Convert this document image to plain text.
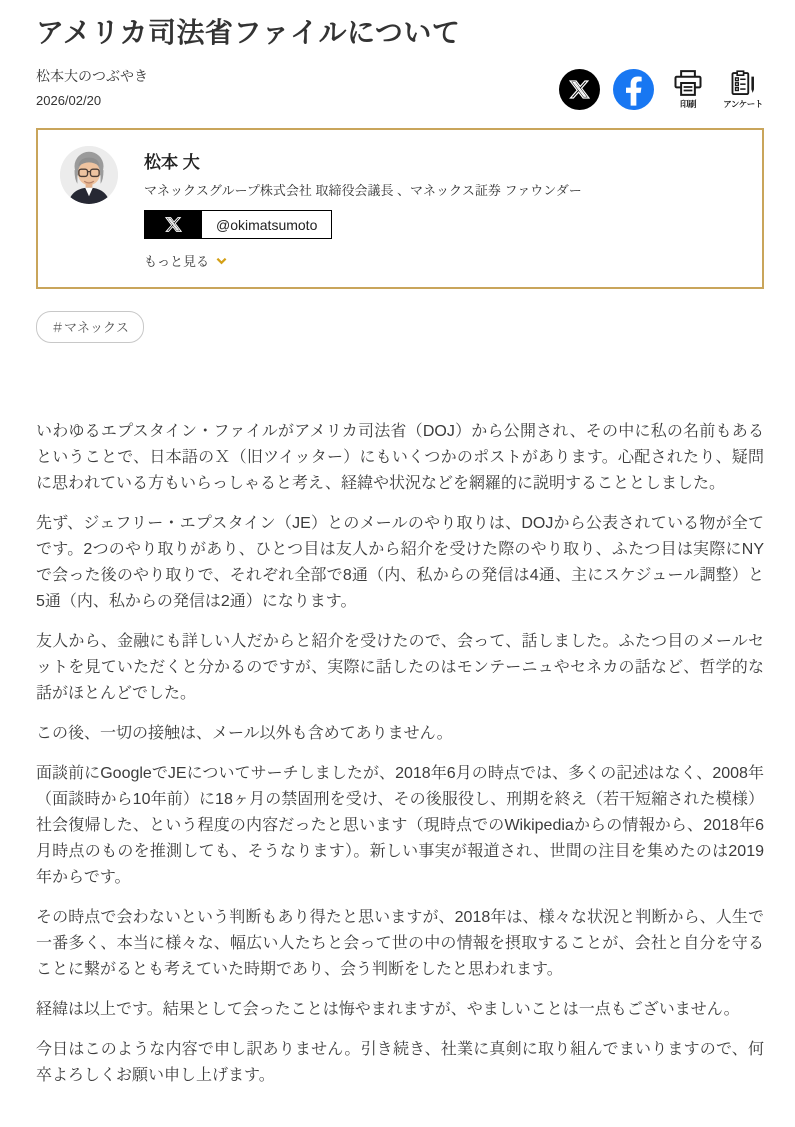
アメリカ司法省ファイルについて
松本大のつぶやき
2026/02/20	印刷	アンケート
松本 大
マネックスグループ株式会社 取締役会議長 、マネックス証券 ファウンダー
@okimatsumoto
もっと見る
＃マネックス

いわゆるエプスタイン・ファイルがアメリカ司法省（DOJ）から公開され、その中に私の名前もあるということで、日本語のＸ（旧ツイッター）にもいくつかのポストがあります。心配されたり、疑問に思われている方もいらっしゃると考え、経緯や状況などを網羅的に説明することとしました。

先ず、ジェフリー・エプスタイン（JE）とのメールのやり取りは、DOJから公表されている物が全てです。2つのやり取りがあり、ひとつ目は友人から紹介を受けた際のやり取り、ふたつ目は実際にNYで会った後のやり取りで、それぞれ全部で8通（内、私からの発信は4通、主にスケジュール調整）と5通（内、私からの発信は2通）になります。

友人から、金融にも詳しい人だからと紹介を受けたので、会って、話しました。ふたつ目のメールセットを見ていただくと分かるのですが、実際に話したのはモンテーニュやセネカの話など、哲学的な話がほとんどでした。

この後、一切の接触は、メール以外も含めてありません。

面談前にGoogleでJEについてサーチしましたが、2018年6月の時点では、多くの記述はなく、2008年（面談時から10年前）に18ヶ月の禁固刑を受け、その後服役し、刑期を終え（若干短縮された模様）社会復帰した、という程度の内容だったと思います（現時点でのWikipediaからの情報から、2018年6月時点のものを推測しても、そうなります）。新しい事実が報道され、世間の注目を集めたのは2019年からです。

その時点で会わないという判断もあり得たと思いますが、2018年は、様々な状況と判断から、人生で一番多く、本当に様々な、幅広い人たちと会って世の中の情報を摂取することが、会社と自分を守ることに繋がるとも考えていた時期であり、会う判断をしたと思われます。

経緯は以上です。結果として会ったことは悔やまれますが、やましいことは一点もございません。

今日はこのような内容で申し訳ありません。引き続き、社業に真剣に取り組んでまいりますので、何卒よろしくお願い申し上げます。
